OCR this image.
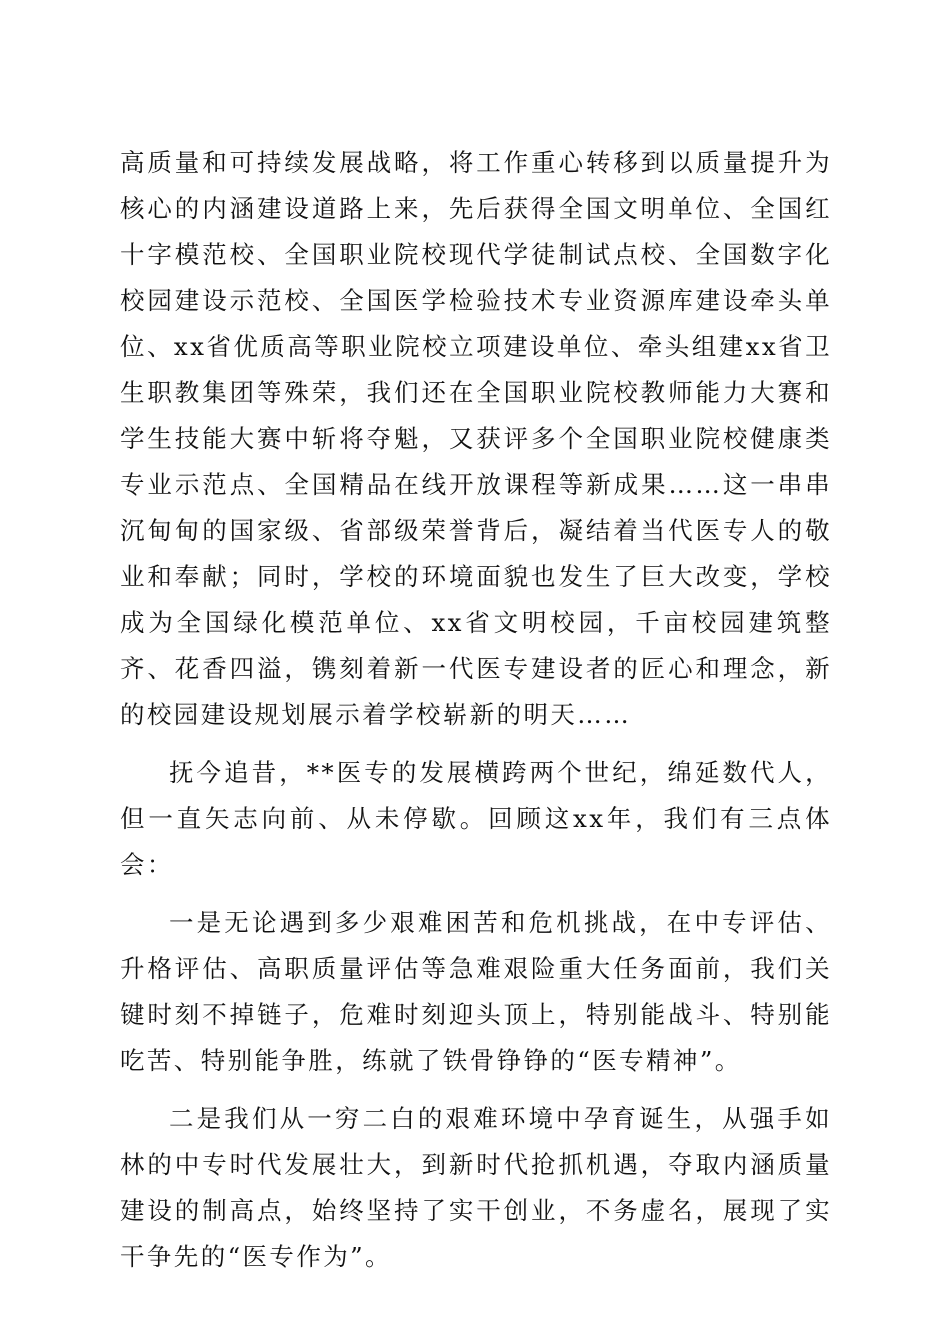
高质量和可持续发展战略，将工作重心转移到以质量提升为核心的内涵建设道路上来，先后获得全国文明单位、全国红十字模范校、全国职业院校现代学徒制试点校、全国数字化校园建设示范校、全国医学检验技术专业资源库建设牵头单位、xx省优质高等职业院校立项建设单位、牵头组建xx省卫生职教集团等殊荣，我们还在全国职业院校教师能力大赛和学生技能大赛中斩将夺魁，又获评多个全国职业院校健康类专业示范点、全国精品在线开放课程等新成果……这一串串沉甸甸的国家级、省部级荣誉背后，凝结着当代医专人的敬业和奉献；同时，学校的环境面貌也发生了巨大改变，学校成为全国绿化模范单位、xx省文明校园，千亩校园建筑整齐、花香四溢，镌刻着新一代医专建设者的匠心和理念，新的校园建设规划展示着学校崭新的明天……

抚今追昔，**医专的发展横跨两个世纪，绵延数代人，但一直矢志向前、从未停歇。回顾这xx年，我们有三点体会：

一是无论遇到多少艰难困苦和危机挑战，在中专评估、升格评估、高职质量评估等急难艰险重大任务面前，我们关键时刻不掉链子，危难时刻迎头顶上，特别能战斗、特别能吃苦、特别能争胜，练就了铁骨铮铮的“医专精神”。

二是我们从一穷二白的艰难环境中孕育诞生，从强手如林的中专时代发展壮大，到新时代抢抓机遇，夺取内涵质量建设的制高点，始终坚持了实干创业，不务虚名，展现了实干争先的“医专作为”。
